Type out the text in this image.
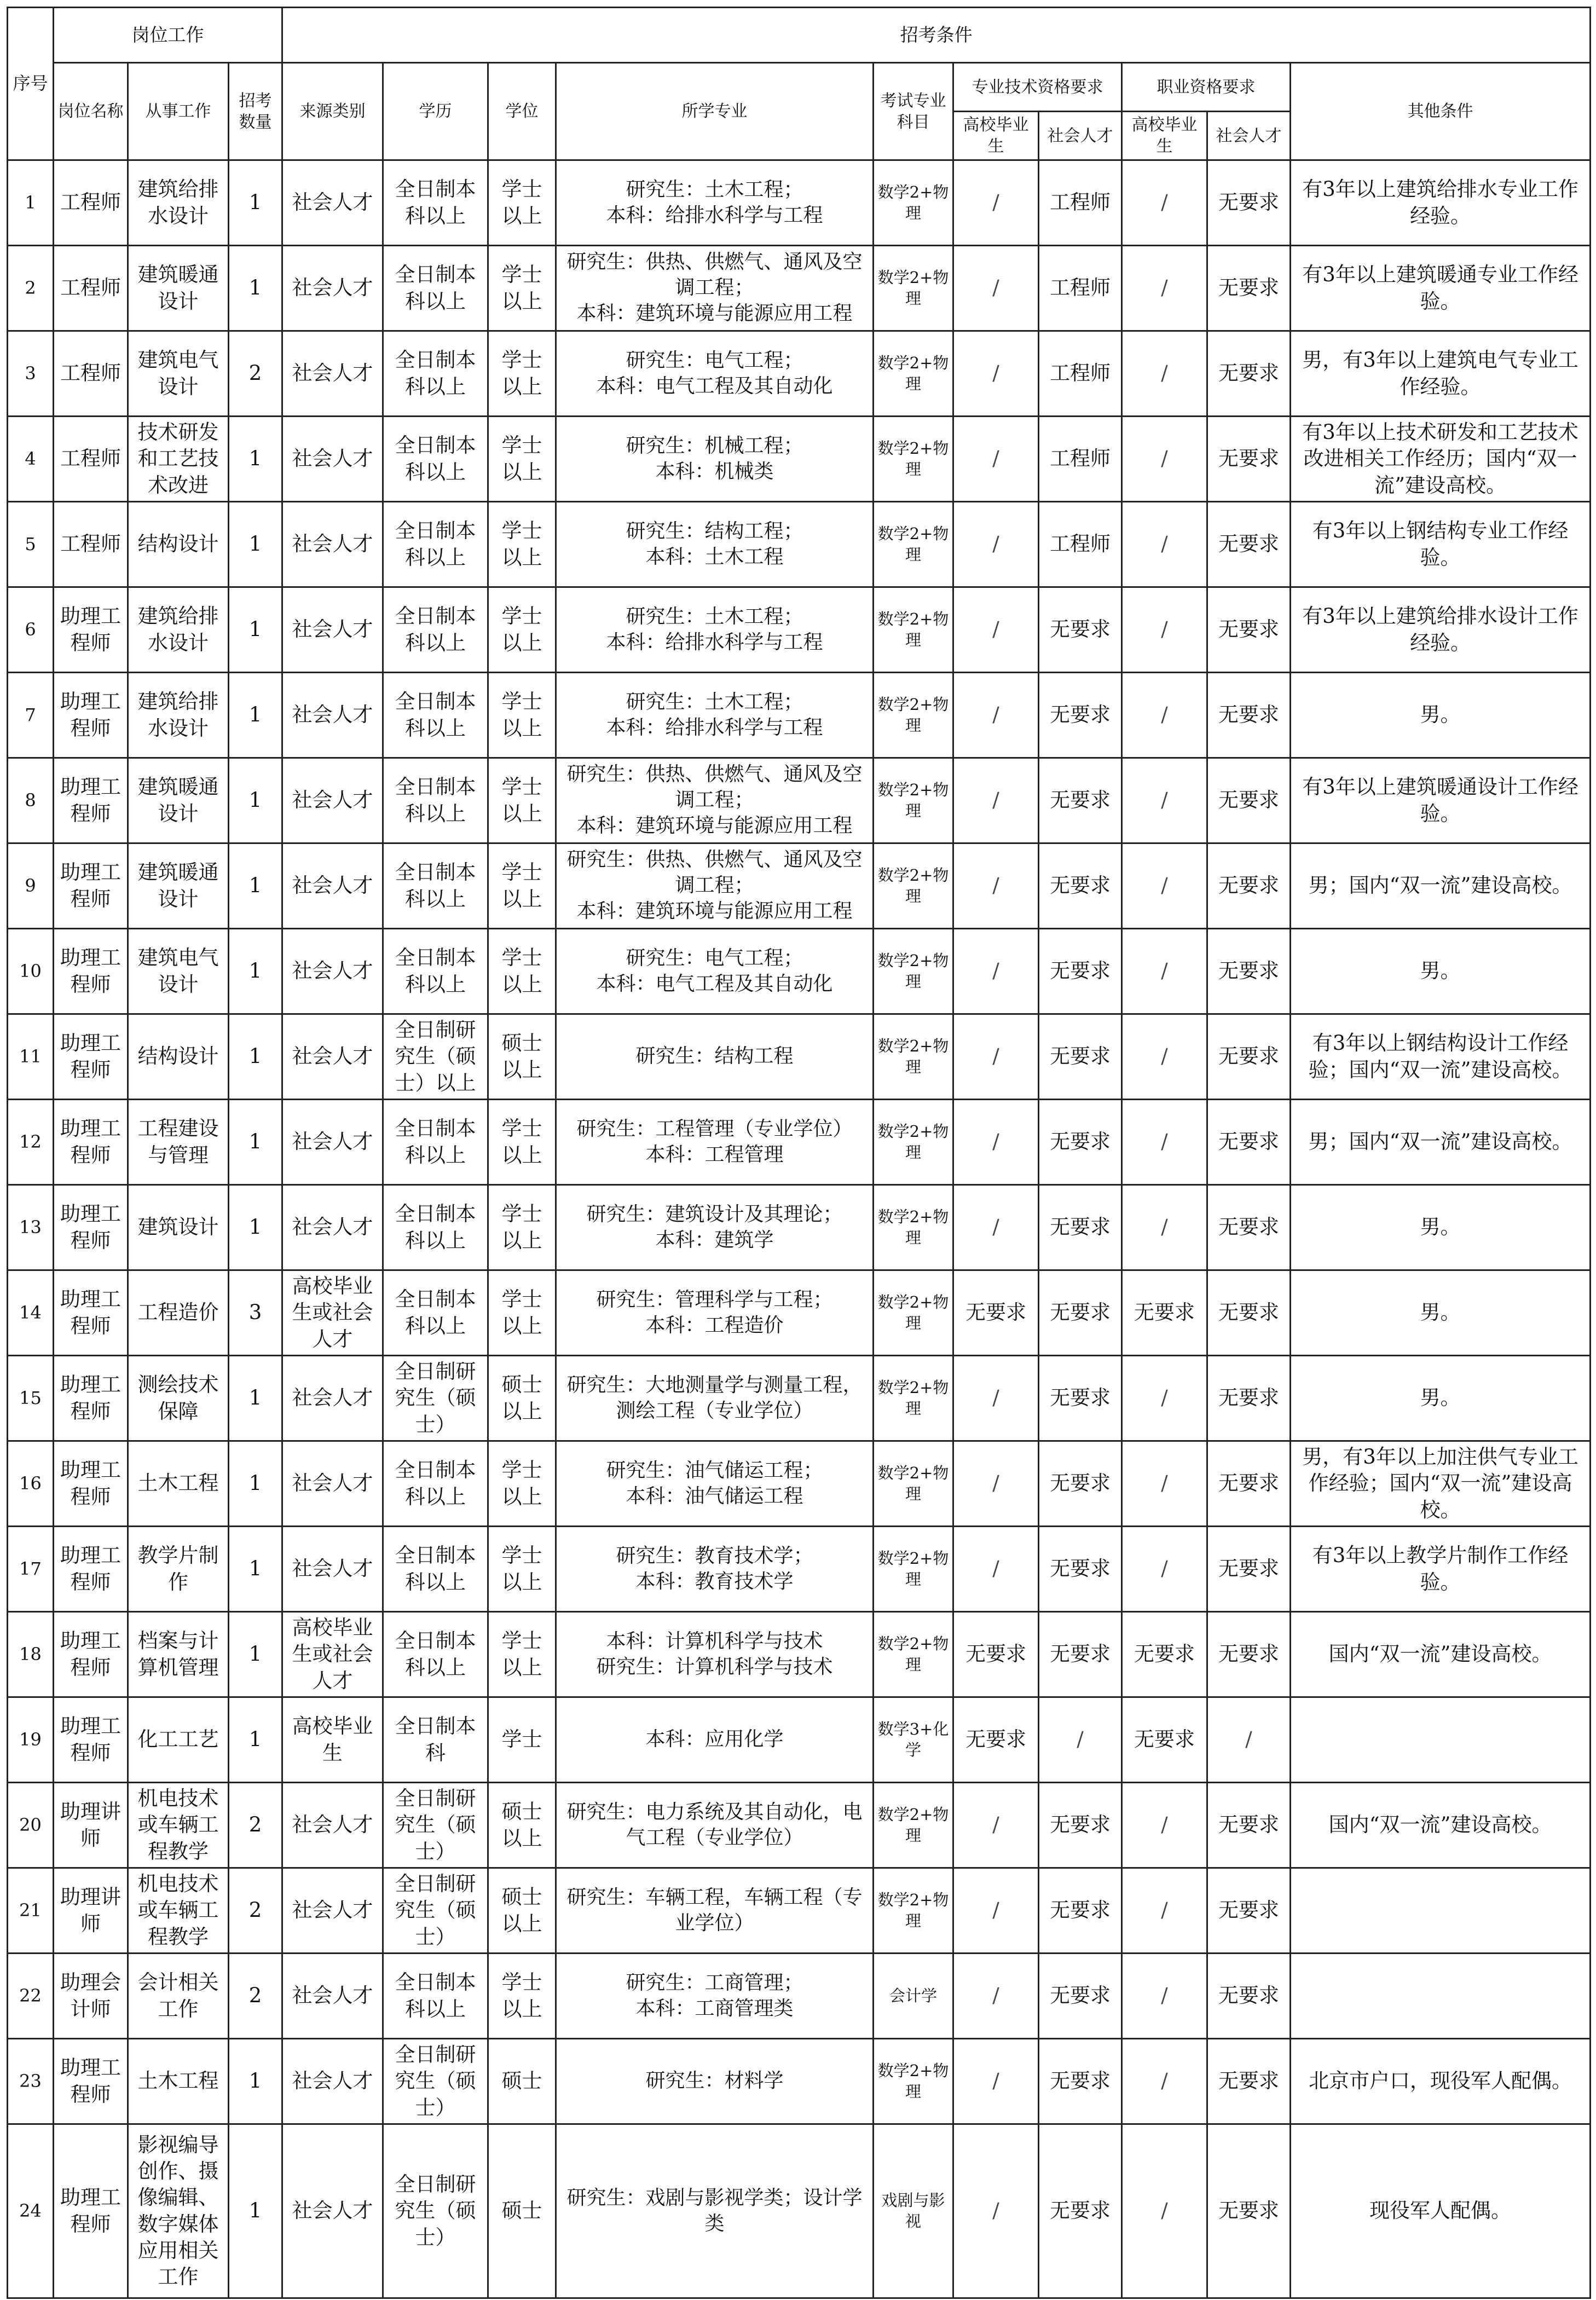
序号	岗位工作			招考条件									
	岗位名称	从事工作	招考数量	来源类别	学历	学位	所学专业	考试专业科目	专业技术资格要求		职业资格要求		其他条件
									高校毕业生	社会人才	高校毕业生	社会人才	
1	工程师	建筑给排水设计	1	社会人才	全日制本科以上	学士以上	研究生：土木工程；
本科：给排水科学与工程	数学2+物理	/	工程师	/	无要求	有3年以上建筑给排水专业工作经验。
2	工程师	建筑暖通设计	1	社会人才	全日制本科以上	学士以上	研究生：供热、供燃气、通风及空调工程；
本科：建筑环境与能源应用工程	数学2+物理	/	工程师	/	无要求	有3年以上建筑暖通专业工作经验。
3	工程师	建筑电气设计	2	社会人才	全日制本科以上	学士以上	研究生：电气工程；
本科：电气工程及其自动化	数学2+物理	/	工程师	/	无要求	男，有3年以上建筑电气专业工作经验。
4	工程师	技术研发和工艺技术改进	1	社会人才	全日制本科以上	学士以上	研究生：机械工程；
本科：机械类	数学2+物理	/	工程师	/	无要求	有3年以上技术研发和工艺技术改进相关工作经历；国内“双一流”建设高校。
5	工程师	结构设计	1	社会人才	全日制本科以上	学士以上	研究生：结构工程；
本科：土木工程	数学2+物理	/	工程师	/	无要求	有3年以上钢结构专业工作经验。
6	助理工程师	建筑给排水设计	1	社会人才	全日制本科以上	学士以上	研究生：土木工程；
本科：给排水科学与工程	数学2+物理	/	无要求	/	无要求	有3年以上建筑给排水设计工作经验。
7	助理工程师	建筑给排水设计	1	社会人才	全日制本科以上	学士以上	研究生：土木工程；
本科：给排水科学与工程	数学2+物理	/	无要求	/	无要求	男。
8	助理工程师	建筑暖通设计	1	社会人才	全日制本科以上	学士以上	研究生：供热、供燃气、通风及空调工程；
本科：建筑环境与能源应用工程	数学2+物理	/	无要求	/	无要求	有3年以上建筑暖通设计工作经验。
9	助理工程师	建筑暖通设计	1	社会人才	全日制本科以上	学士以上	研究生：供热、供燃气、通风及空调工程；
本科：建筑环境与能源应用工程	数学2+物理	/	无要求	/	无要求	男；国内“双一流”建设高校。
10	助理工程师	建筑电气设计	1	社会人才	全日制本科以上	学士以上	研究生：电气工程；
本科：电气工程及其自动化	数学2+物理	/	无要求	/	无要求	男。
11	助理工程师	结构设计	1	社会人才	全日制研究生（硕士）以上	硕士以上	研究生：结构工程	数学2+物理	/	无要求	/	无要求	有3年以上钢结构设计工作经验；国内“双一流”建设高校。
12	助理工程师	工程建设与管理	1	社会人才	全日制本科以上	学士以上	研究生：工程管理（专业学位）
本科：工程管理	数学2+物理	/	无要求	/	无要求	男；国内“双一流”建设高校。
13	助理工程师	建筑设计	1	社会人才	全日制本科以上	学士以上	研究生：建筑设计及其理论；
本科：建筑学	数学2+物理	/	无要求	/	无要求	男。
14	助理工程师	工程造价	3	高校毕业生或社会人才	全日制本科以上	学士以上	研究生：管理科学与工程；
本科：工程造价	数学2+物理	无要求	无要求	无要求	无要求	男。
15	助理工程师	测绘技术保障	1	社会人才	全日制研究生（硕士）	硕士以上	研究生：大地测量学与测量工程，测绘工程（专业学位）	数学2+物理	/	无要求	/	无要求	男。
16	助理工程师	土木工程	1	社会人才	全日制本科以上	学士以上	研究生：油气储运工程；
本科：油气储运工程	数学2+物理	/	无要求	/	无要求	男，有3年以上加注供气专业工作经验；国内“双一流”建设高校。
17	助理工程师	教学片制作	1	社会人才	全日制本科以上	学士以上	研究生：教育技术学；
本科：教育技术学	数学2+物理	/	无要求	/	无要求	有3年以上教学片制作工作经验。
18	助理工程师	档案与计算机管理	1	高校毕业生或社会人才	全日制本科以上	学士以上	本科：计算机科学与技术
研究生：计算机科学与技术	数学2+物理	无要求	无要求	无要求	无要求	国内“双一流”建设高校。
19	助理工程师	化工工艺	1	高校毕业生	全日制本科	学士	本科：应用化学	数学3+化学	无要求	/	无要求	/	
20	助理讲师	机电技术或车辆工程教学	2	社会人才	全日制研究生（硕士）	硕士以上	研究生：电力系统及其自动化，电气工程（专业学位）	数学2+物理	/	无要求	/	无要求	国内“双一流”建设高校。
21	助理讲师	机电技术或车辆工程教学	2	社会人才	全日制研究生（硕士）	硕士以上	研究生：车辆工程，车辆工程（专业学位）	数学2+物理	/	无要求	/	无要求	
22	助理会计师	会计相关工作	2	社会人才	全日制本科以上	学士以上	研究生：工商管理；
本科：工商管理类	会计学	/	无要求	/	无要求	
23	助理工程师	土木工程	1	社会人才	全日制研究生（硕士）	硕士	研究生：材料学	数学2+物理	/	无要求	/	无要求	北京市户口，现役军人配偶。
24	助理工程师	影视编导创作、摄像编辑、数字媒体应用相关工作	1	社会人才	全日制研究生（硕士）	硕士	研究生：戏剧与影视学类；设计学类	戏剧与影视	/	无要求	/	无要求	现役军人配偶。
